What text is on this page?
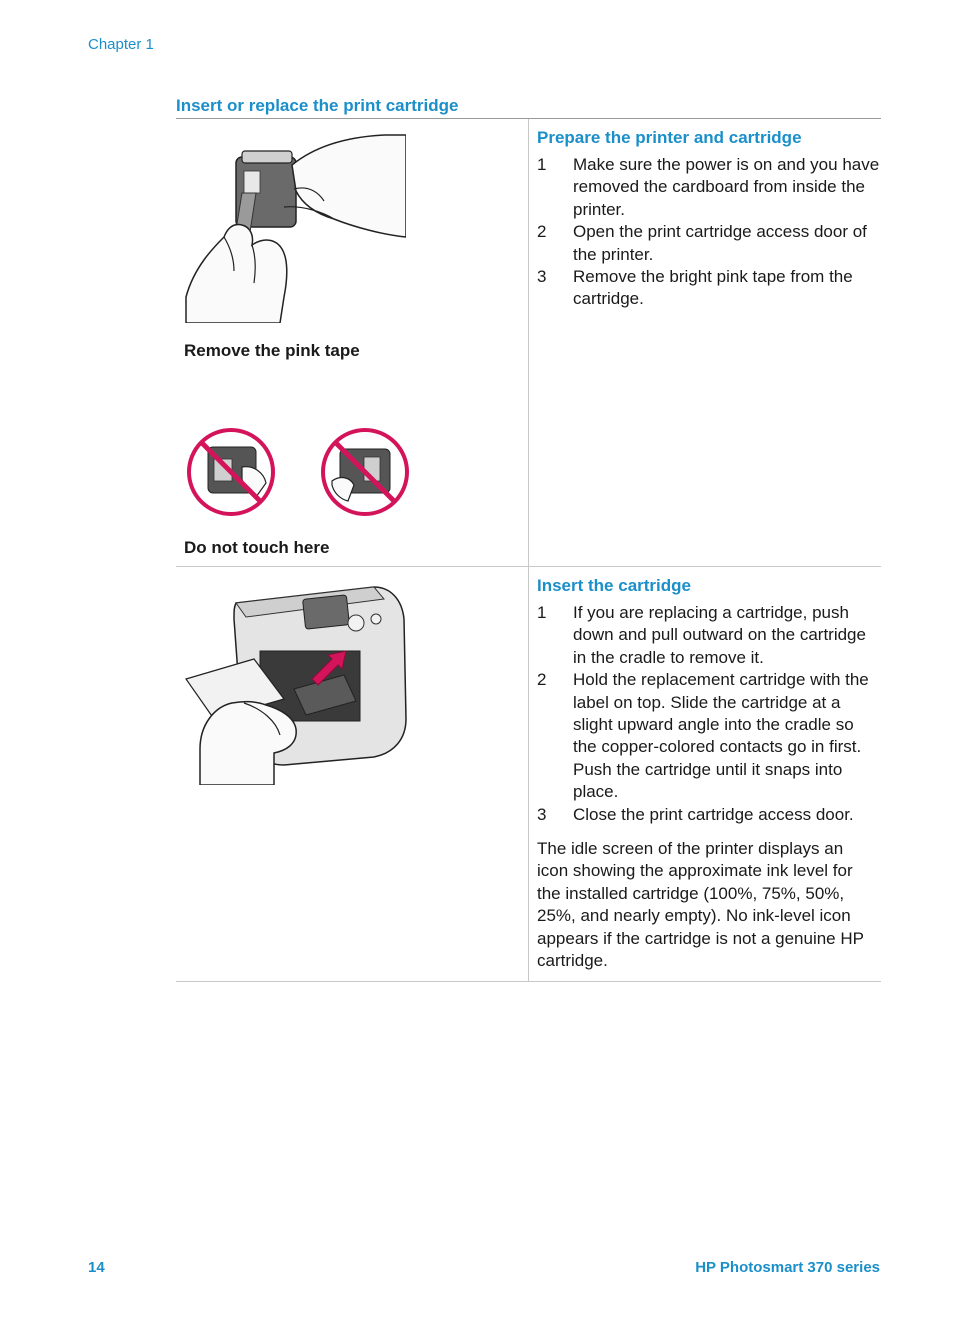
Chapter 1
Insert or replace the print cartridge
Remove the pink tape
Do not touch here
Prepare the printer and cartridge
1 Make sure the power is on and you have removed the cardboard from inside the printer.
2 Open the print cartridge access door of the printer.
3 Remove the bright pink tape from the cartridge.
Insert the cartridge
1 If you are replacing a cartridge, push down and pull outward on the cartridge in the cradle to remove it.
2 Hold the replacement cartridge with the label on top. Slide the cartridge at a slight upward angle into the cradle so the copper-colored contacts go in first. Push the cartridge until it snaps into place.
3 Close the print cartridge access door.
The idle screen of the printer displays an icon showing the approximate ink level for the installed cartridge (100%, 75%, 50%, 25%, and nearly empty). No ink-level icon appears if the cartridge is not a genuine HP cartridge.
14	HP Photosmart 370 series
